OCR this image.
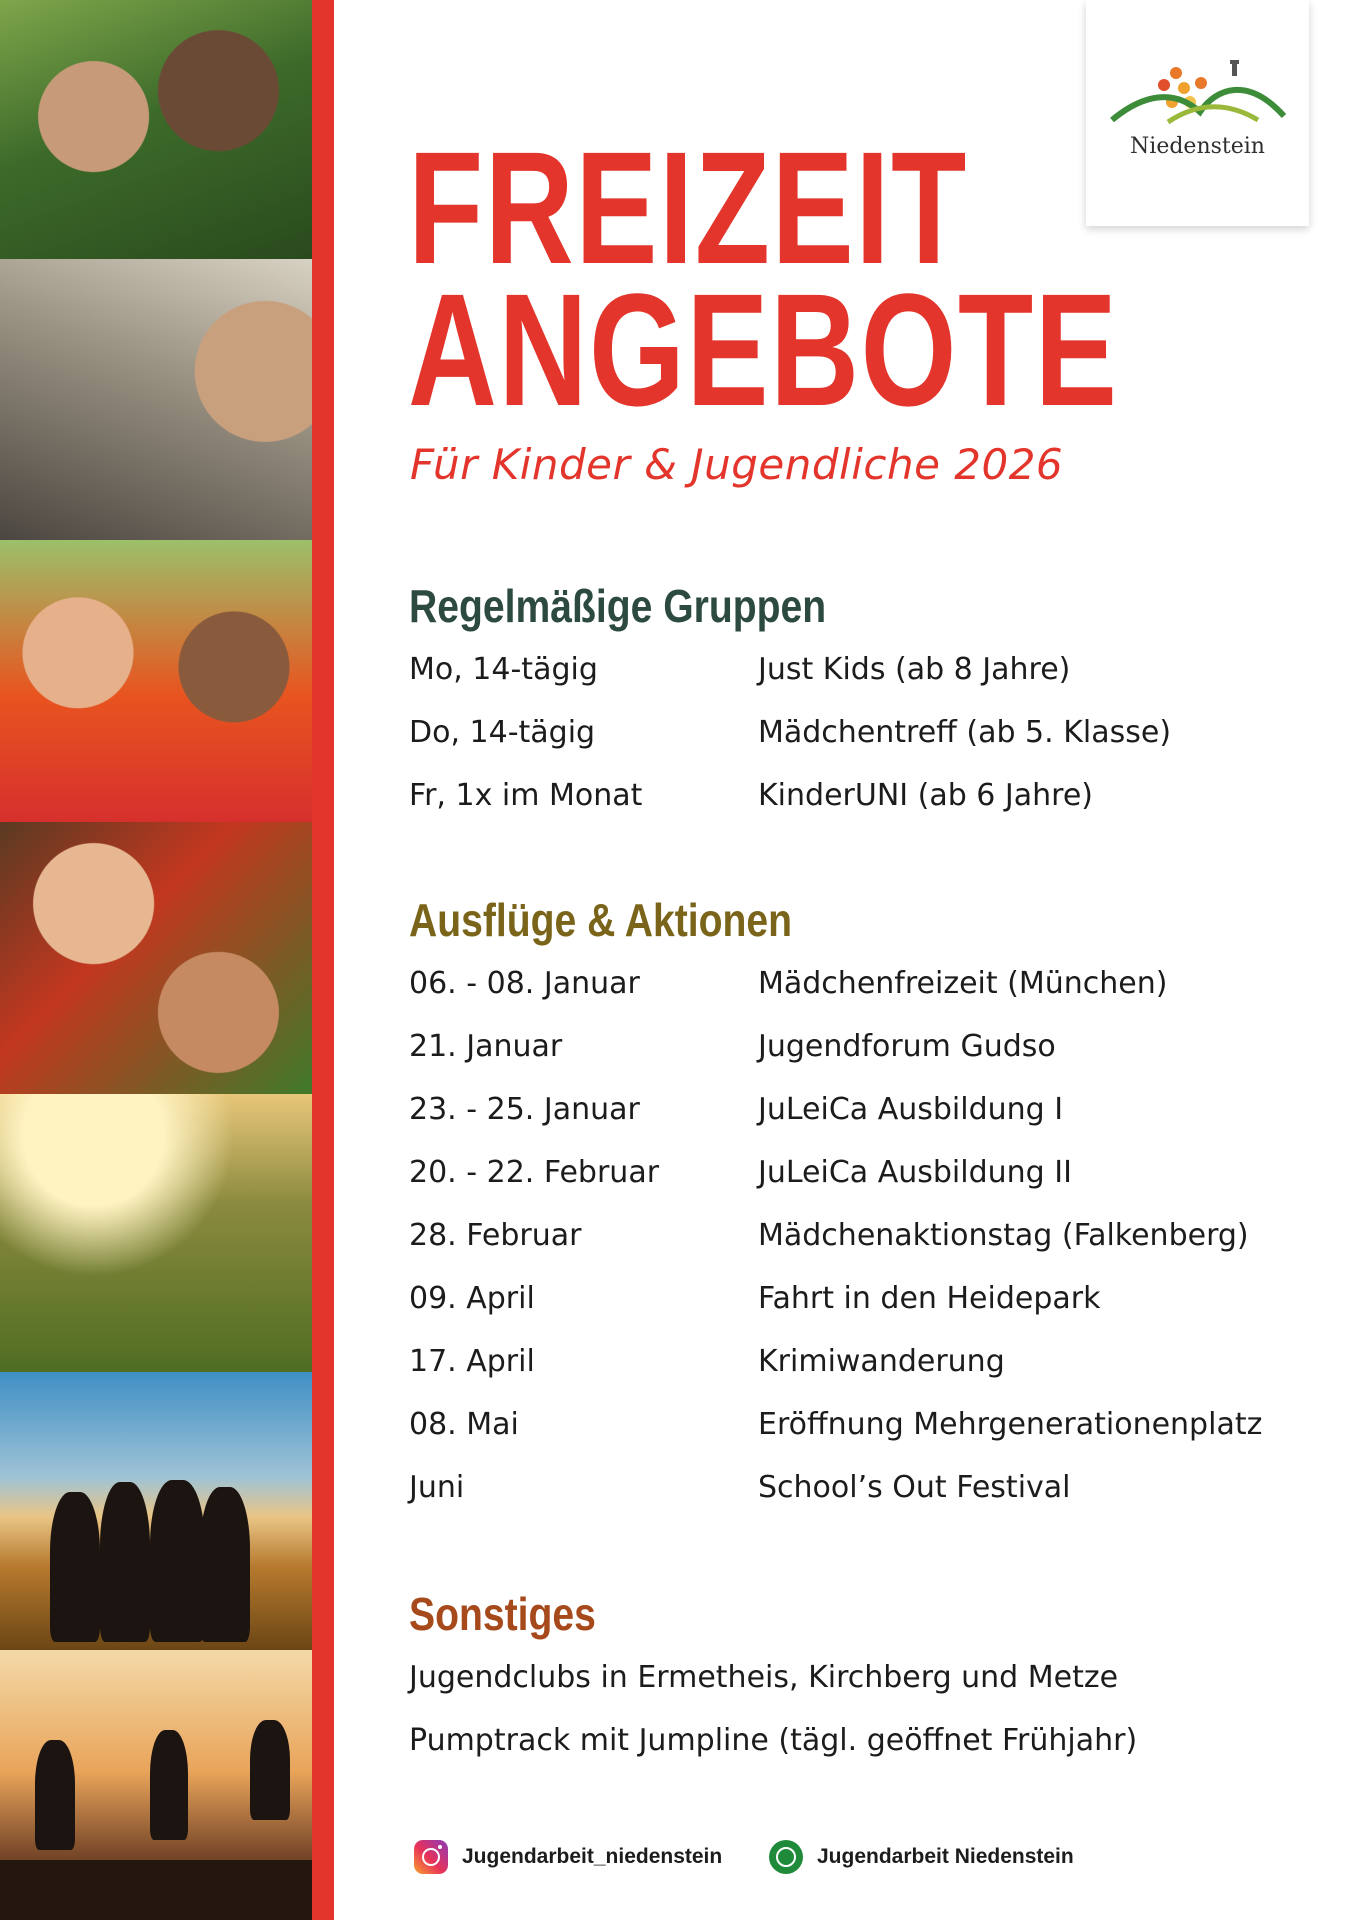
Niedenstein
FREIZEIT
ANGEBOTE
Für Kinder & Jugendliche 2026
Regelmäßige Gruppen
Mo, 14-tägig	Just Kids (ab 8 Jahre)
Do, 14-tägig	Mädchentreff (ab 5. Klasse)
Fr, 1x im Monat	KinderUNI (ab 6 Jahre)
Ausflüge & Aktionen
06. - 08. Januar	Mädchenfreizeit (München)
21. Januar	Jugendforum Gudso
23. - 25. Januar	JuLeiCa Ausbildung I
20. - 22. Februar	JuLeiCa Ausbildung II
28. Februar	Mädchenaktionstag (Falkenberg)
09. April	Fahrt in den Heidepark
17. April	Krimiwanderung
08. Mai	Eröffnung Mehrgenerationenplatz
Juni	School’s Out Festival
Sonstiges
Jugendclubs in Ermetheis, Kirchberg und Metze
Pumptrack mit Jumpline (tägl. geöffnet Frühjahr)
Jugendarbeit_niedenstein	Jugendarbeit Niedenstein
